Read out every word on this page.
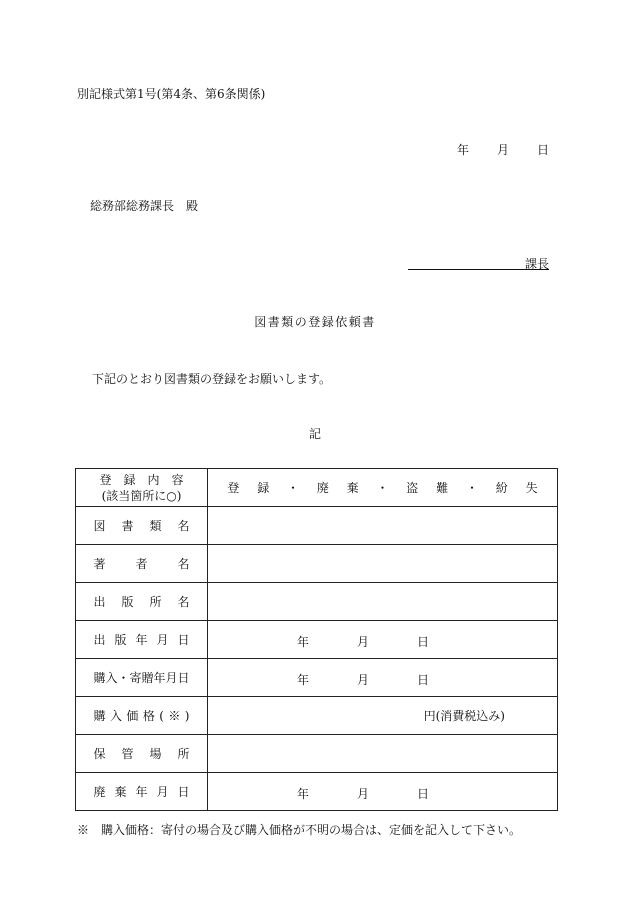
別記様式第1号(第4条、第6条関係)
年 月 日
総務部総務課長　殿
課長
図書類の登録依頼書
下記のとおり図書類の登録をお願いします。
記
登　録　内　容
(該当箇所に○)	登 録 ・ 廃 棄 ・ 盗 難 ・ 紛 失

図書類名	
著者名	
出版所名	
出版年月日	年 月 日

購入・寄贈年月日	年 月 日

購入価格(※)	円(消費税込み)
保管場所	
廃棄年月日	年 月 日
※　購入価格：寄付の場合及び購入価格が不明の場合は、定価を記入して下さい。
